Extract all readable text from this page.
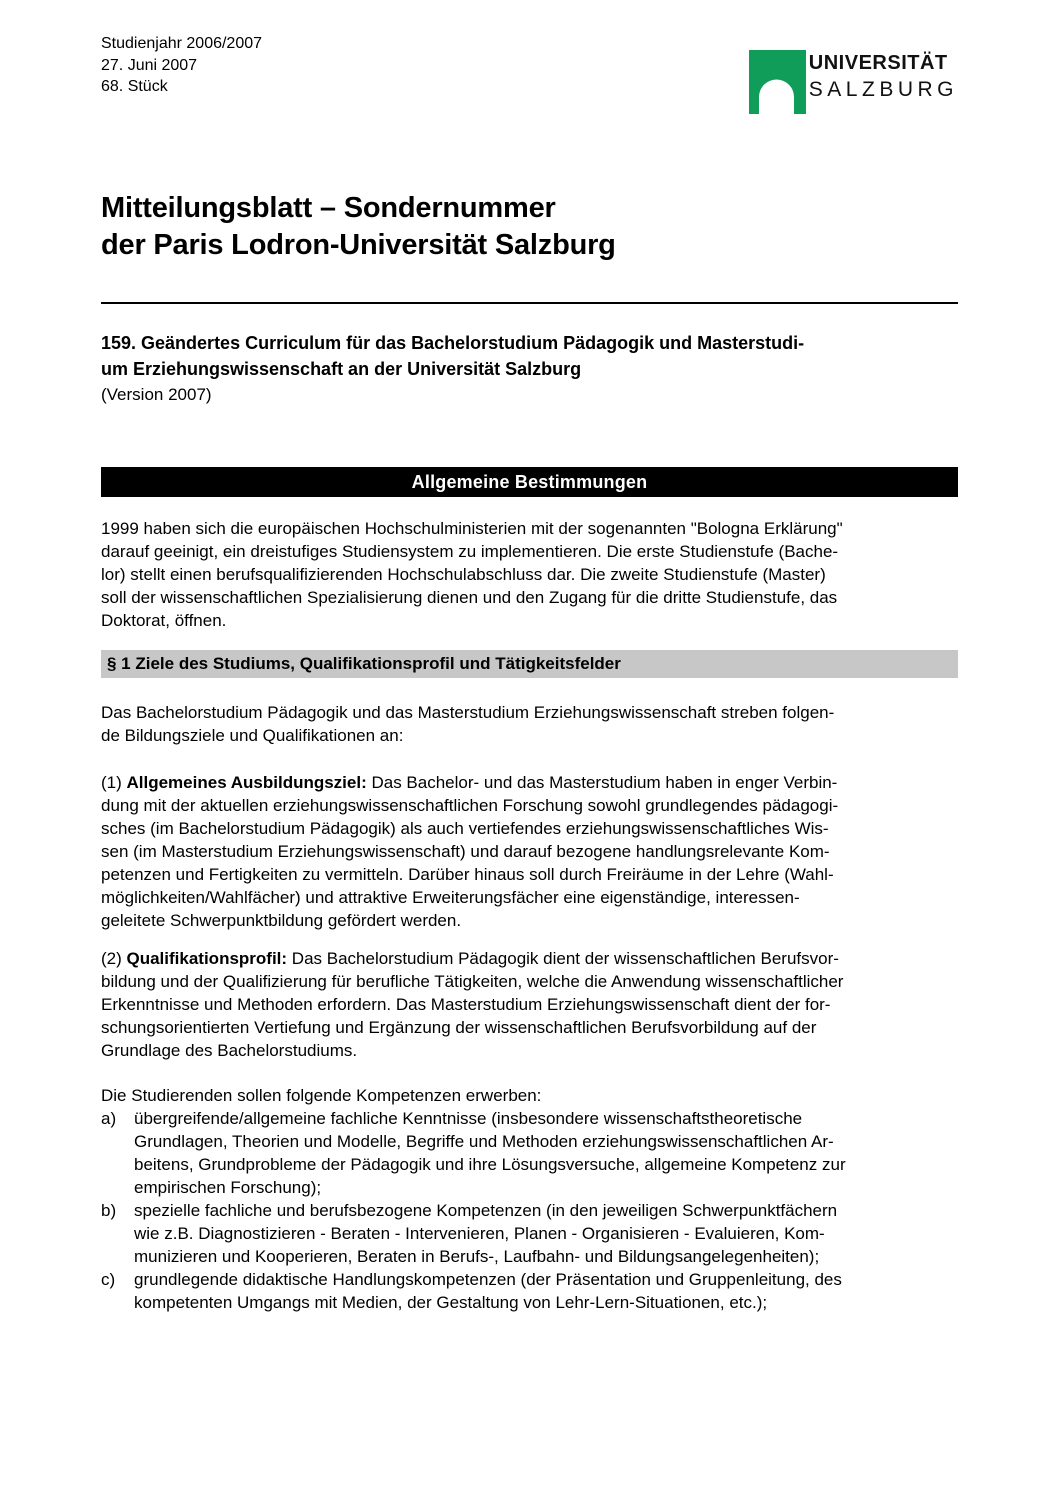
Studienjahr 2006/2007
27. Juni 2007
68. Stück
UNIVERSITÄT
SALZBURG
Mitteilungsblatt – Sondernummer
der Paris Lodron-Universität Salzburg
159. Geändertes Curriculum für das Bachelorstudium Pädagogik und Masterstudi-
um Erziehungswissenschaft an der Universität Salzburg
(Version 2007)
Allgemeine Bestimmungen
1999 haben sich die europäischen Hochschulministerien mit der sogenannten "Bologna Erklärung"
darauf geeinigt, ein dreistufiges Studiensystem zu implementieren. Die erste Studienstufe (Bache-
lor) stellt einen berufsqualifizierenden Hochschulabschluss dar. Die zweite Studienstufe (Master)
soll der wissenschaftlichen Spezialisierung dienen und den Zugang für die dritte Studienstufe, das
Doktorat, öffnen.
§ 1 Ziele des Studiums, Qualifikationsprofil und Tätigkeitsfelder
Das Bachelorstudium Pädagogik und das Masterstudium Erziehungswissenschaft streben folgen-
de Bildungsziele und Qualifikationen an:
(1) Allgemeines Ausbildungsziel: Das Bachelor- und das Masterstudium haben in enger Verbin-
dung mit der aktuellen erziehungswissenschaftlichen Forschung sowohl grundlegendes pädagogi-
sches (im Bachelorstudium Pädagogik) als auch vertiefendes erziehungswissenschaftliches Wis-
sen (im Masterstudium Erziehungswissenschaft) und darauf bezogene handlungsrelevante Kom-
petenzen und Fertigkeiten zu vermitteln. Darüber hinaus soll durch Freiräume in der Lehre (Wahl-
möglichkeiten/Wahlfächer) und attraktive Erweiterungsfächer eine eigenständige, interessen-
geleitete Schwerpunktbildung gefördert werden.
(2) Qualifikationsprofil: Das Bachelorstudium Pädagogik dient der wissenschaftlichen Berufsvor-
bildung und der Qualifizierung für berufliche Tätigkeiten, welche die Anwendung wissenschaftlicher
Erkenntnisse und Methoden erfordern. Das Masterstudium Erziehungswissenschaft dient der for-
schungsorientierten Vertiefung und Ergänzung der wissenschaftlichen Berufsvorbildung auf der
Grundlage des Bachelorstudiums.
Die Studierenden sollen folgende Kompetenzen erwerben:
a)	übergreifende/allgemeine fachliche Kenntnisse (insbesondere wissenschaftstheoretische
Grundlagen, Theorien und Modelle, Begriffe und Methoden erziehungswissenschaftlichen Ar-
beitens, Grundprobleme der Pädagogik und ihre Lösungsversuche, allgemeine Kompetenz zur
empirischen Forschung);
b)	spezielle fachliche und berufsbezogene Kompetenzen (in den jeweiligen Schwerpunktfächern
wie z.B. Diagnostizieren - Beraten - Intervenieren, Planen - Organisieren - Evaluieren, Kom-
munizieren und Kooperieren, Beraten in Berufs-, Laufbahn- und Bildungsangelegenheiten);
c)	grundlegende didaktische Handlungskompetenzen (der Präsentation und Gruppenleitung, des
kompetenten Umgangs mit Medien, der Gestaltung von Lehr-Lern-Situationen, etc.);
